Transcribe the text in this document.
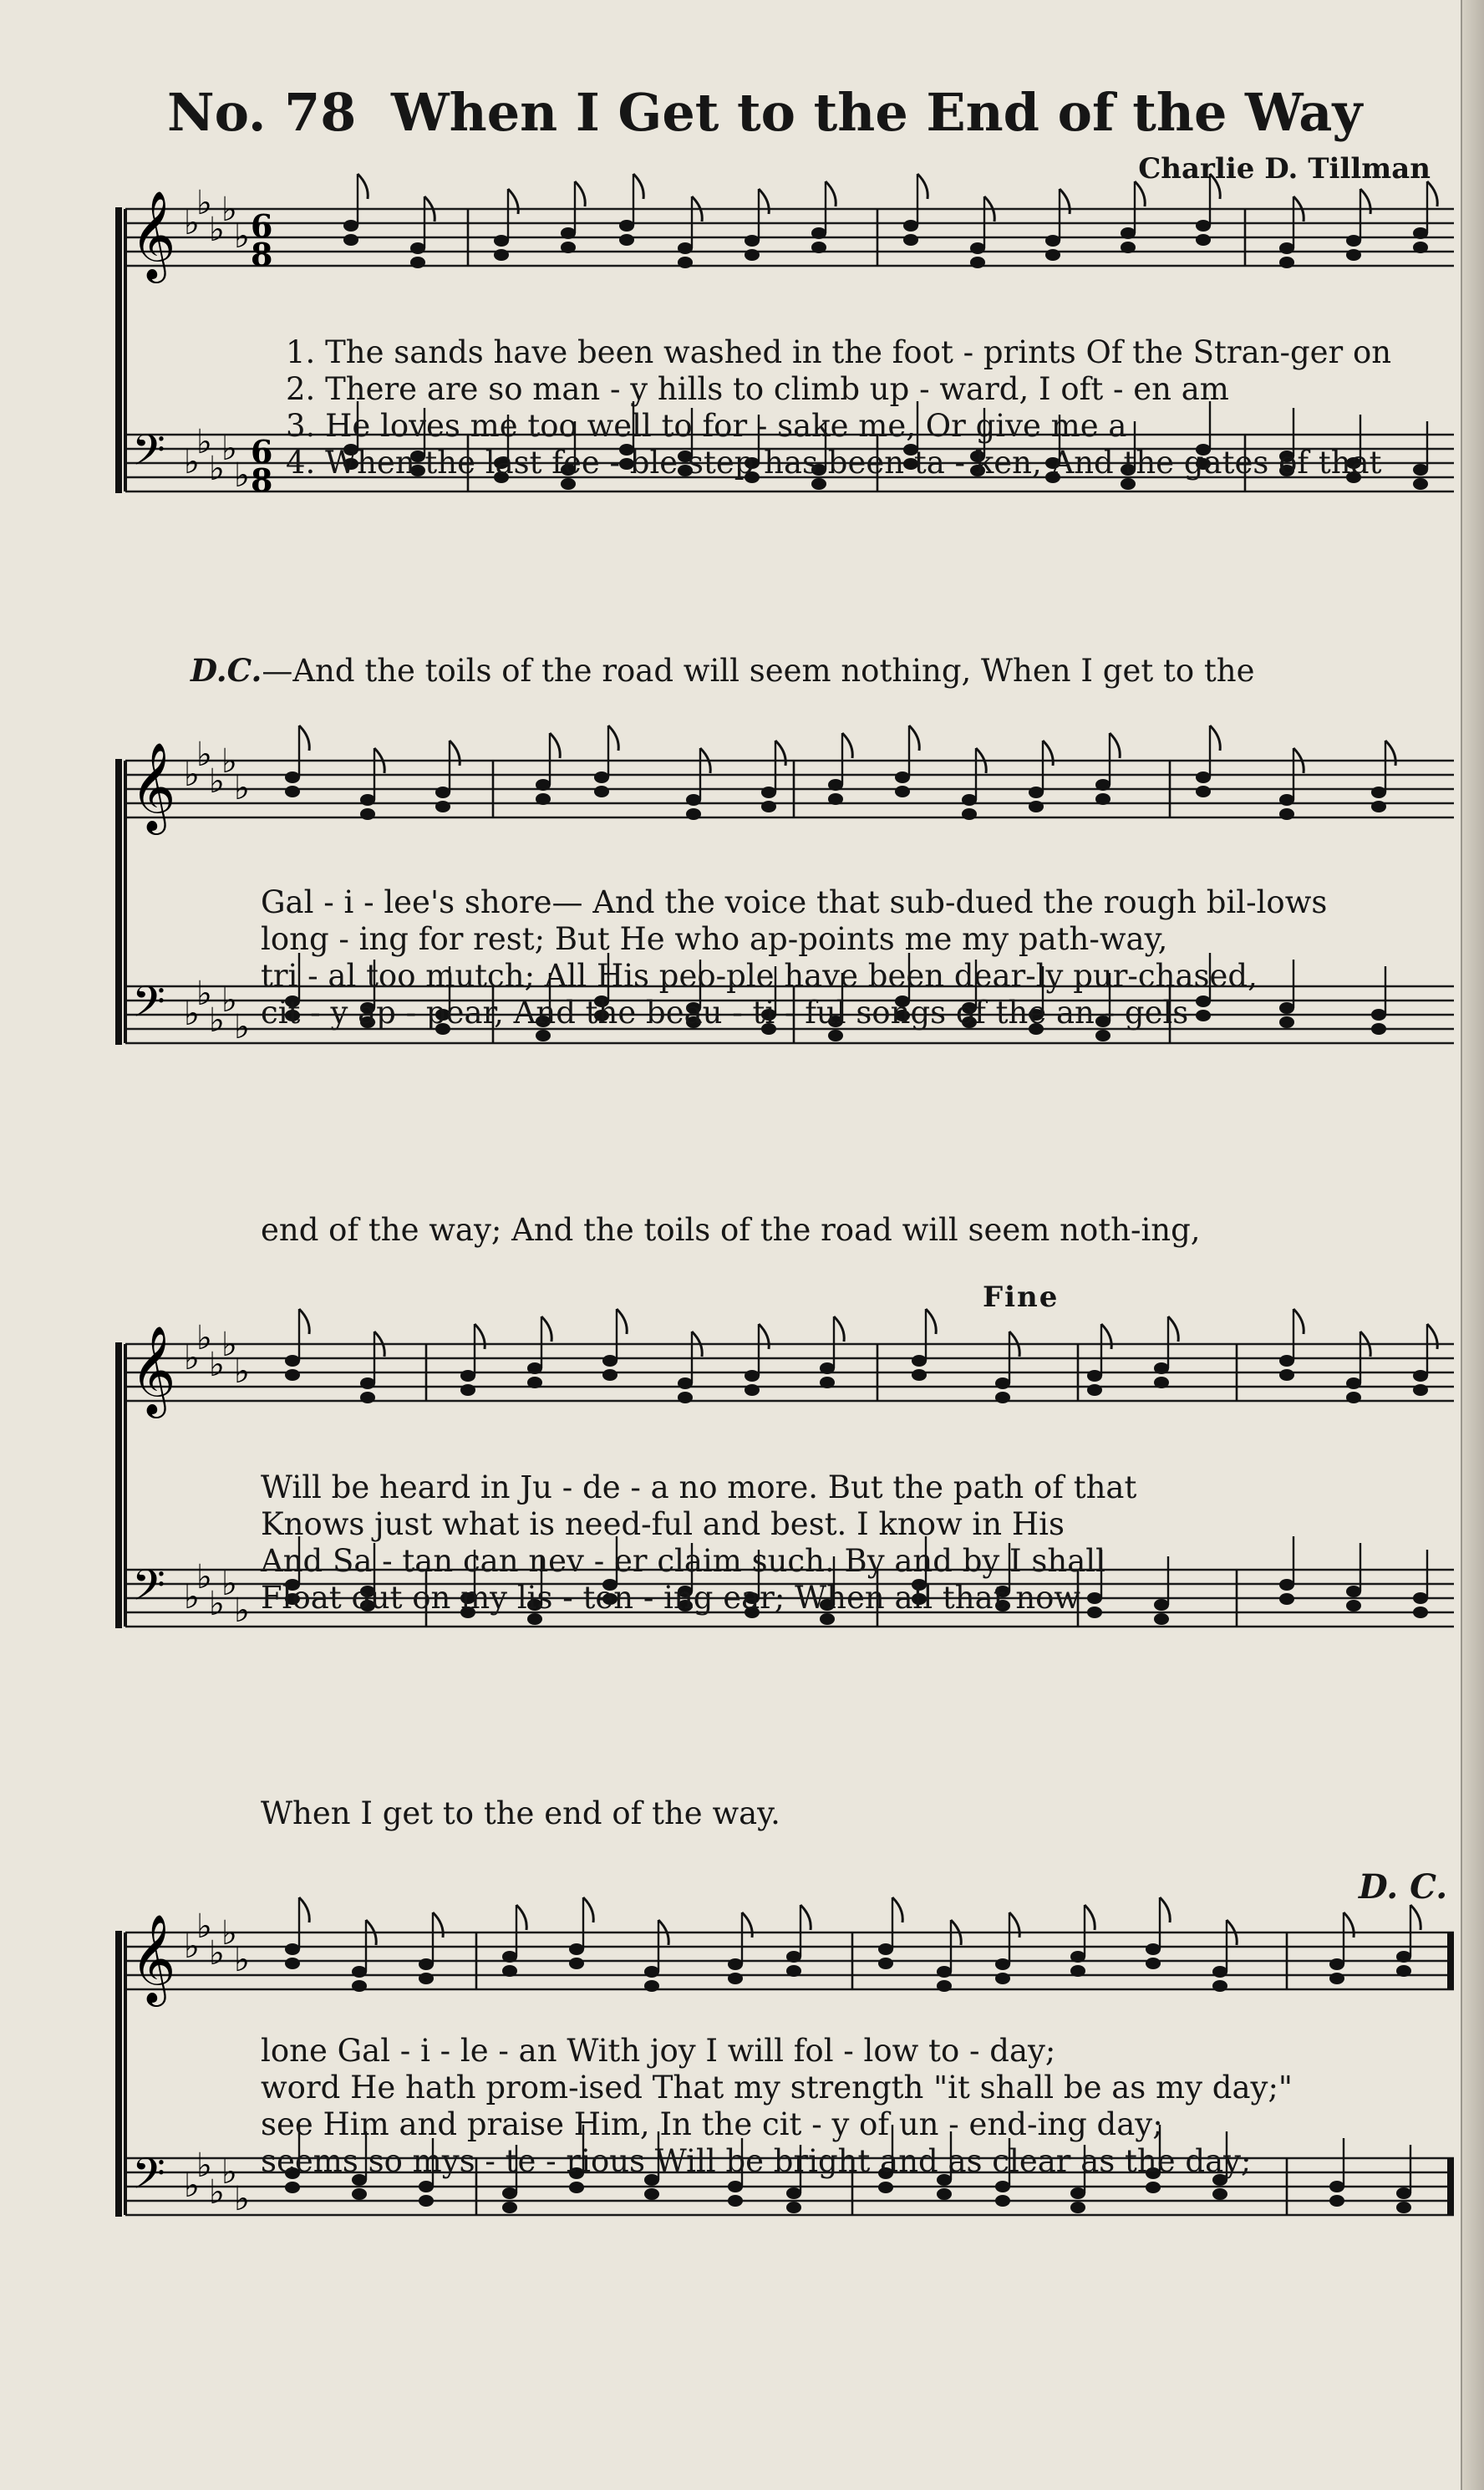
No. 78 When I Get to the End of the Way
Charlie D. Tillman
𝄞
𝄢
♭
♭
♭
♭
♭
♭
♭
♭
♭
♭
6
8
6
8
1. The sands have been washed in the foot - prints Of the Stran-ger on
2. There are so man - y hills to climb up - ward, I oft - en am
3. He loves me too well to for - sake me, Or give me a
4. When the last fee - ble step has been ta - ken, And the gates of that
D.C.—And the toils of the road will seem nothing, When I get to the
𝄞
𝄢
♭
♭
♭
♭
♭
♭
♭
♭
♭
♭
Gal - i - lee's shore— And the voice that sub-dued the rough bil-lows
long - ing for rest; But He who ap-points me my path-way,
tri - al too mutch; All His peo-ple have been dear-ly pur-chased,
cit - y ap - pear, And the beau - ti - ful songs of the an - gels
end of the way; And the toils of the road will seem noth-ing,
Fine
𝄞
𝄢
♭
♭
♭
♭
♭
♭
♭
♭
♭
♭
Will be heard in Ju - de - a no more. But the path of that
Knows just what is need-ful and best. I know in His
And Sa - tan can nev - er claim such. By and by I shall
Float out on my lis - ten - ing ear; When all that now
When I get to the end of the way.
D. C.
𝄞
𝄢
♭
♭
♭
♭
♭
♭
♭
♭
♭
♭
lone Gal - i - le - an With joy I will fol - low to - day;
word He hath prom-ised That my strength "it shall be as my day;"
see Him and praise Him, In the cit - y of un - end-ing day;
seems so mys - te - rious Will be bright and as clear as the day;
